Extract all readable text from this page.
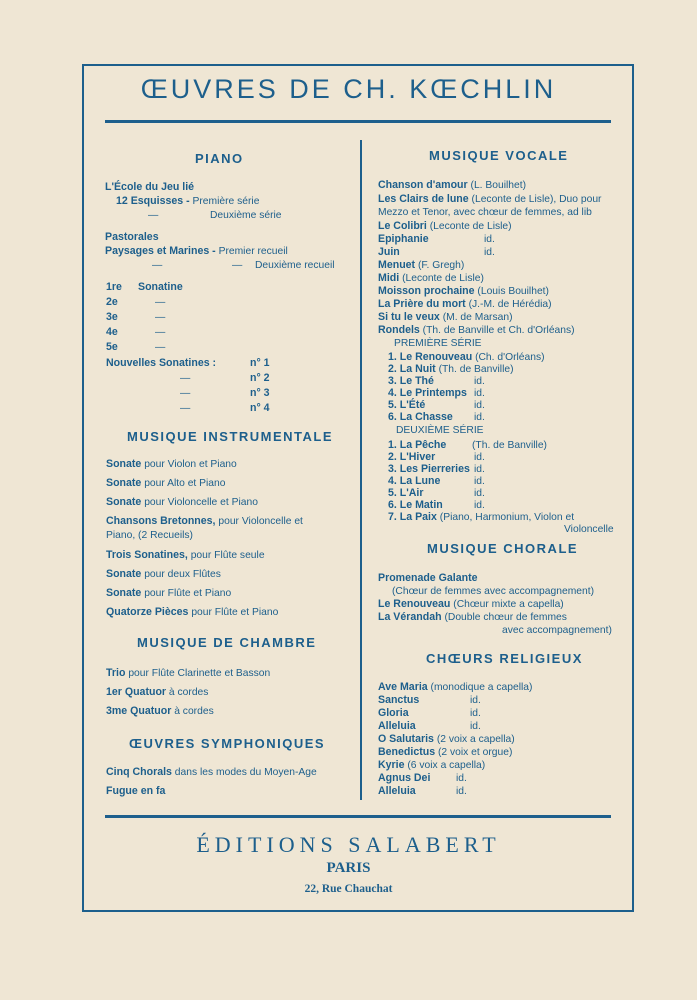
ŒUVRES DE CH. KŒCHLIN
PIANO
L'École du Jeu lié
12 Esquisses - Première série
—	Deuxième série
Pastorales
Paysages et Marines - Premier recueil
—	— Deuxième recueil
1re Sonatine
2e	—
3e	—
4e	—
5e	—
Nouvelles Sonatines :	n° 1
—	n° 2
—	n° 3
—	n° 4
MUSIQUE INSTRUMENTALE
Sonate pour Violon et Piano
Sonate pour Alto et Piano
Sonate pour Violoncelle et Piano
Chansons Bretonnes, pour Violoncelle et
Piano, (2 Recueils)
Trois Sonatines, pour Flûte seule
Sonate pour deux Flûtes
Sonate pour Flûte et Piano
Quatorze Pièces pour Flûte et Piano
MUSIQUE DE CHAMBRE
Trio pour Flûte Clarinette et Basson
1er Quatuor à cordes
3me Quatuor à cordes
ŒUVRES SYMPHONIQUES
Cinq Chorals dans les modes du Moyen-Age
Fugue en fa
MUSIQUE VOCALE
Chanson d'amour (L. Bouilhet)
Les Clairs de lune (Leconte de Lisle), Duo pour
Mezzo et Tenor, avec chœur de femmes, ad lib
Le Colibri (Leconte de Lisle)
Epiphanie	id.
Juin	id.
Menuet (F. Gregh)
Midi (Leconte de Lisle)
Moisson prochaine (Louis Bouilhet)
La Prière du mort (J.-M. de Hérédia)
Si tu le veux (M. de Marsan)
Rondels (Th. de Banville et Ch. d'Orléans)
PREMIÈRE SÉRIE
1. Le Renouveau (Ch. d'Orléans)
2. La Nuit (Th. de Banville)
3. Le Thé	id.
4. Le Printemps id.
5. L'Été	id.
6. La Chasse id.
DEUXIÈME SÉRIE
1. La Pêche (Th. de Banville)
2. L'Hiver	id.
3. Les Pierreries id.
4. La Lune	id.
5. L'Air	id.
6. Le Matin	id.
7. La Paix (Piano, Harmonium, Violon et
Violoncelle
MUSIQUE CHORALE
Promenade Galante
(Chœur de femmes avec accompagnement)
Le Renouveau (Chœur mixte a capella)
La Vérandah (Double chœur de femmes
avec accompagnement)
CHŒURS RELIGIEUX
Ave Maria (monodique a capella)
Sanctus	id.
Gloria	id.
Alleluia	id.
O Salutaris (2 voix a capella)
Benedictus (2 voix et orgue)
Kyrie (6 voix a capella)
Agnus Dei id.
Alleluia	id.
ÉDITIONS SALABERT
PARIS
22, Rue Chauchat
